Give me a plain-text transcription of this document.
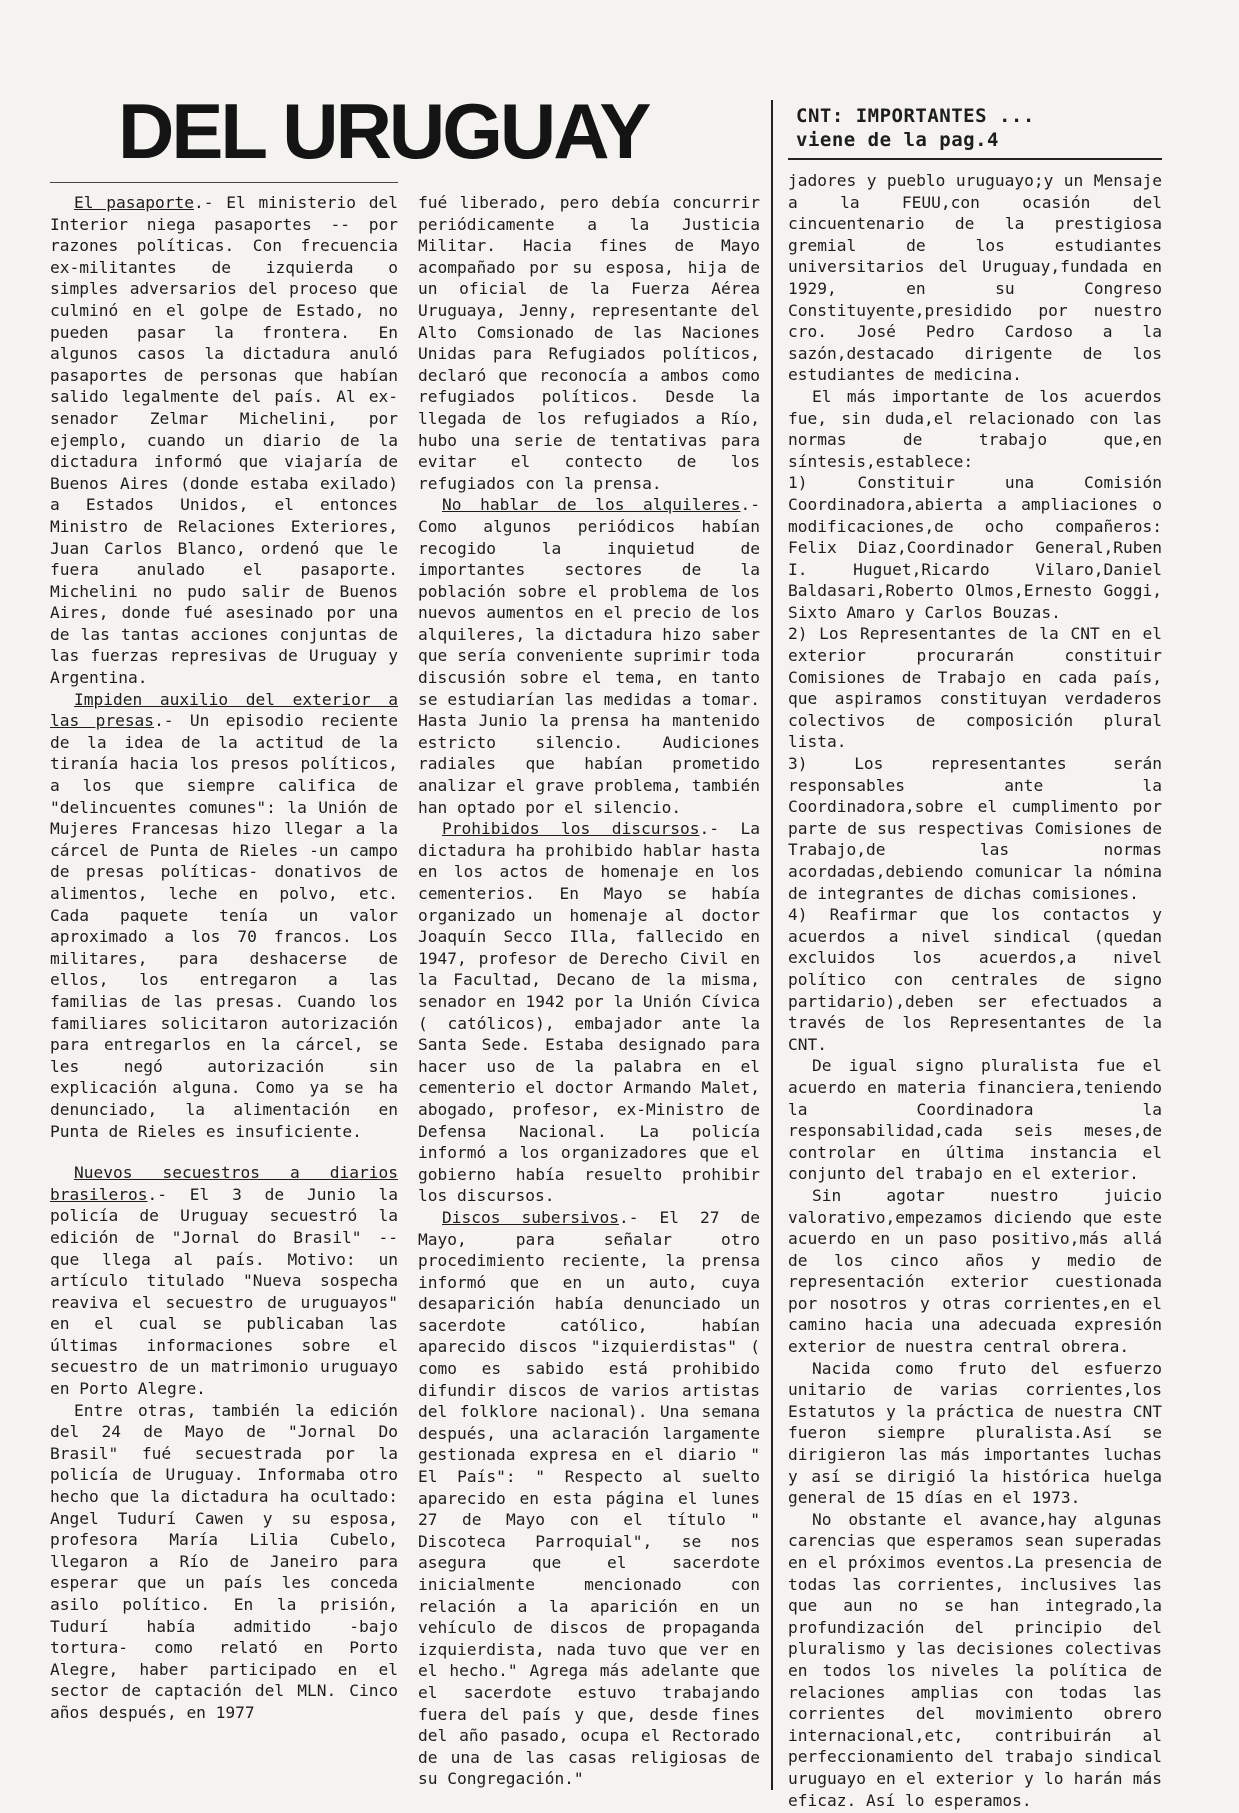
DEL URUGUAY

El pasaporte.- El ministerio del Interior niega pasaportes -- por razones políticas. Con frecuencia ex-militantes de izquierda o simples adversarios del proceso que culminó en el golpe de Estado, no pueden pasar la frontera. En algunos casos la dictadura anuló pasaportes de personas que habían salido legalmente del país. Al ex-senador Zelmar Michelini, por ejemplo, cuando un diario de la dictadura informó que viajaría de Buenos Aires (donde estaba exilado) a Estados Unidos, el entonces Ministro de Relaciones Exteriores, Juan Carlos Blanco, ordenó que le fuera anulado el pasaporte. Michelini no pudo salir de Buenos Aires, donde fué asesinado por una de las tantas acciones conjuntas de las fuerzas represivas de Uruguay y Argentina.

Impiden auxilio del exterior a las presas.- Un episodio reciente de la idea de la actitud de la tiranía hacia los presos políticos, a los que siempre califica de "delincuentes comunes": la Unión de Mujeres Francesas hizo llegar a la cárcel de Punta de Rieles -un campo de presas políticas- donativos de alimentos, leche en polvo, etc. Cada paquete tenía un valor aproximado a los 70 francos. Los militares, para deshacerse de ellos, los entregaron a las familias de las presas. Cuando los familiares solicitaron autorización para entregarlos en la cárcel, se les negó autorización sin explicación alguna. Como ya se ha denunciado, la alimentación en Punta de Rieles es insuficiente.

Nuevos secuestros a diarios brasileros.- El 3 de Junio la policía de Uruguay secuestró la edición de "Jornal do Brasil" -- que llega al país. Motivo: un artículo titulado "Nueva sospecha reaviva el secuestro de uruguayos" en el cual se publicaban las últimas informaciones sobre el secuestro de un matrimonio uruguayo en Porto Alegre.

Entre otras, también la edición del 24 de Mayo de "Jornal Do Brasil" fué secuestrada por la policía de Uruguay. Informaba otro hecho que la dictadura ha ocultado: Angel Tudurí Cawen y su esposa, profesora María Lilia Cubelo, llegaron a Río de Janeiro para esperar que un país les conceda asilo político. En la prisión, Tudurí había admitido -bajo tortura- como relató en Porto Alegre, haber participado en el sector de captación del MLN. Cinco años después, en 1977

fué liberado, pero debía concurrir periódicamente a la Justicia Militar. Hacia fines de Mayo acompañado por su esposa, hija de un oficial de la Fuerza Aérea Uruguaya, Jenny, representante del Alto Comsionado de las Naciones Unidas para Refugiados políticos, declaró que reconocía a ambos como refugiados políticos. Desde la llegada de los refugiados a Río, hubo una serie de tentativas para evitar el contecto de los refugiados con la prensa.

No hablar de los alquileres.- Como algunos periódicos habían recogido la inquietud de importantes sectores de la población sobre el problema de los nuevos aumentos en el precio de los alquileres, la dictadura hizo saber que sería conveniente suprimir toda discusión sobre el tema, en tanto se estudiarían las medidas a tomar. Hasta Junio la prensa ha mantenido estricto silencio. Audiciones radiales que habían prometido analizar el grave problema, también han optado por el silencio.

Prohibidos los discursos.- La dictadura ha prohibido hablar hasta en los actos de homenaje en los cementerios. En Mayo se había organizado un homenaje al doctor Joaquín Secco Illa, fallecido en 1947, profesor de Derecho Civil en la Facultad, Decano de la misma, senador en 1942 por la Unión Cívica ( católicos), embajador ante la Santa Sede. Estaba designado para hacer uso de la palabra en el cementerio el doctor Armando Malet, abogado, profesor, ex-Ministro de Defensa Nacional. La policía informó a los organizadores que el gobierno había resuelto prohibir los discursos.

Discos subersivos.- El 27 de Mayo, para señalar otro procedimiento reciente, la prensa informó que en un auto, cuya desaparición había denunciado un sacerdote católico, habían aparecido discos "izquierdistas" ( como es sabido está prohibido difundir discos de varios artistas del folklore nacional). Una semana después, una aclaración largamente gestionada expresa en el diario " El País": " Respecto al suelto aparecido en esta página el lunes 27 de Mayo con el título " Discoteca Parroquial", se nos asegura que el sacerdote inicialmente mencionado con relación a la aparición en un vehículo de discos de propaganda izquierdista, nada tuvo que ver en el hecho." Agrega más adelante que el sacerdote estuvo trabajando fuera del país y que, desde fines del año pasado, ocupa el Rectorado de una de las casas religiosas de su Congregación."

CNT: IMPORTANTES ...
viene de la pag.4

jadores y pueblo uruguayo;y un Mensaje a la FEUU,con ocasión del cincuentenario de la prestigiosa gremial de los estudiantes universitarios del Uruguay,fundada en 1929, en su Congreso Constituyente,presidido por nuestro cro. José Pedro Cardoso a la sazón,destacado dirigente de los estudiantes de medicina.

El más importante de los acuerdos fue, sin duda,el relacionado con las normas de trabajo que,en síntesis,establece:

1) Constituir una Comisión Coordinadora,abierta a ampliaciones o modificaciones,de ocho compañeros: Felix Diaz,Coordinador General,Ruben I. Huguet,Ricardo Vilaro,Daniel Baldasari,Roberto Olmos,Ernesto Goggi, Sixto Amaro y Carlos Bouzas.

2) Los Representantes de la CNT en el exterior procurarán constituir Comisiones de Trabajo en cada país, que aspiramos constituyan verdaderos colectivos de composición plural lista.

3) Los representantes serán responsables ante la Coordinadora,sobre el cumplimento por parte de sus respectivas Comisiones de Trabajo,de las normas acordadas,debiendo comunicar la nómina de integrantes de dichas comisiones.

4) Reafirmar que los contactos y acuerdos a nivel sindical (quedan excluidos los acuerdos,a nivel político con centrales de signo partidario),deben ser efectuados a través de los Representantes de la CNT.

De igual signo pluralista fue el acuerdo en materia financiera,teniendo la Coordinadora la responsabilidad,cada seis meses,de controlar en última instancia el conjunto del trabajo en el exterior.

Sin agotar nuestro juicio valorativo,empezamos diciendo que este acuerdo en un paso positivo,más allá de los cinco años y medio de representación exterior cuestionada por nosotros y otras corrientes,en el camino hacia una adecuada expresión exterior de nuestra central obrera.

Nacida como fruto del esfuerzo unitario de varias corrientes,los Estatutos y la práctica de nuestra CNT fueron siempre pluralista.Así se dirigieron las más importantes luchas y así se dirigió la histórica huelga general de 15 días en el 1973.

No obstante el avance,hay algunas carencias que esperamos sean superadas en el próximos eventos.La presencia de todas las corrientes, inclusives las que aun no se han integrado,la profundización del principio del pluralismo y las decisiones colectivas en todos los niveles la política de relaciones amplias con todas las corrientes del movimiento obrero internacional,etc, contribuirán al perfeccionamiento del trabajo sindical uruguayo en el exterior y lo harán más eficaz. Así lo esperamos.
